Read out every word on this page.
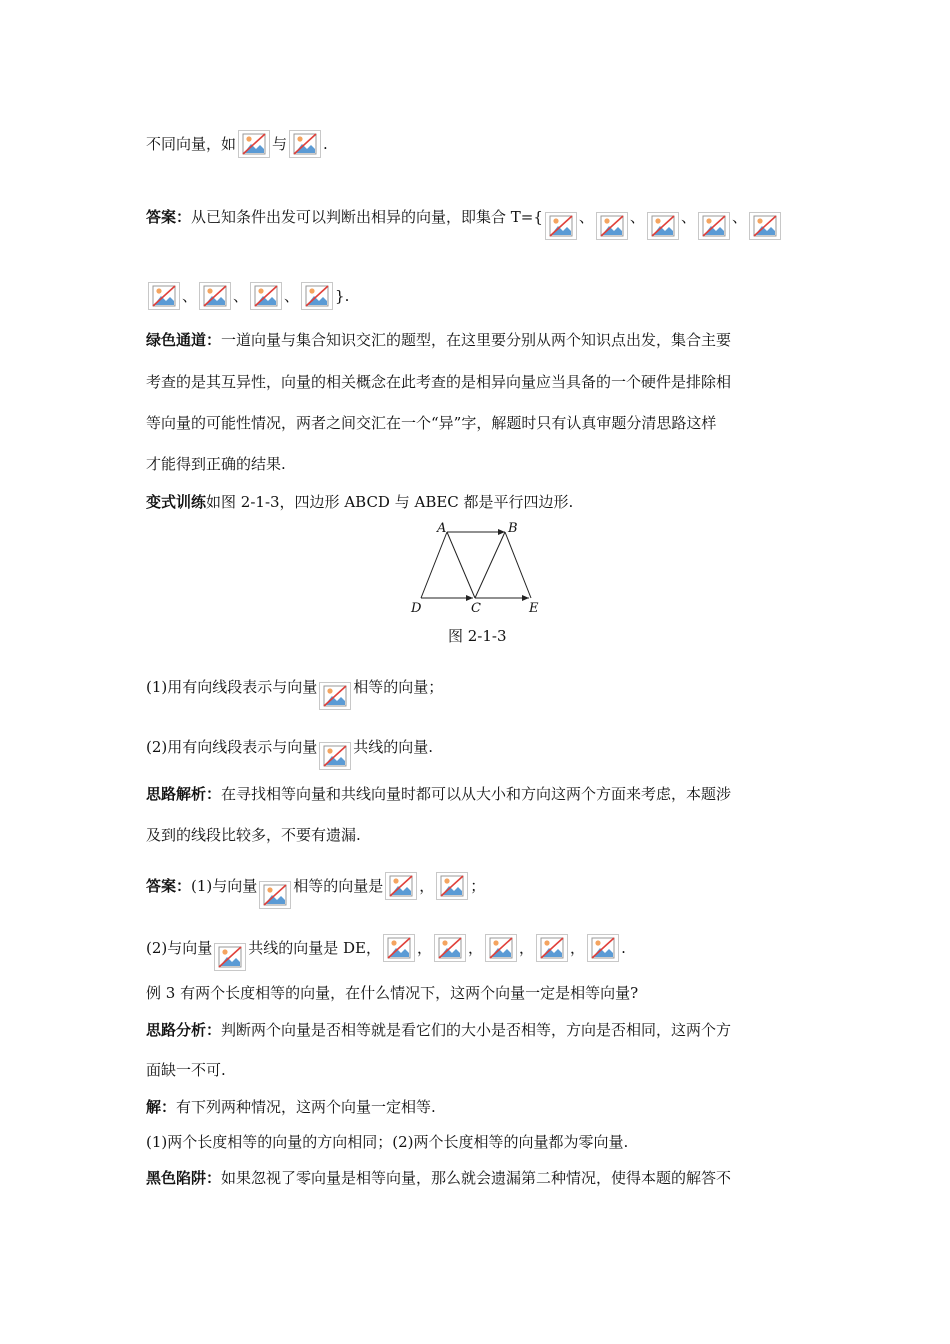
不同向量，如 与 .
答案： 从已知条件出发可以判断出相异的向量，即集合 T={ 、 、 、 、
、 、 、 }.
绿色通道： 一道向量与集合知识交汇的题型，在这里要分别从两个知识点出发，集合主要
考查的是其互异性，向量的相关概念在此考查的是相异向量应当具备的一个硬件是排除相
等向量的可能性情况，两者之间交汇在一个“异”字，解题时只有认真审题分清思路这样
才能得到正确的结果.
变式训练 如图 2-1-3，四边形 ABCD 与 ABEC 都是平行四边形.
A	B
D	C	E
图 2-1-3
(1)用有向线段表示与向量 相等的向量；
(2)用有向线段表示与向量 共线的向量.
思路解析： 在寻找相等向量和共线向量时都可以从大小和方向这两个方面来考虑，本题涉
及到的线段比较多，不要有遗漏.
答案： (1)与向量 相等的向量是 ， ；
(2)与向量 共线的向量是 DE， ， ， ， ， .
例 3 有两个长度相等的向量，在什么情况下，这两个向量一定是相等向量?
思路分析： 判断两个向量是否相等就是看它们的大小是否相等，方向是否相同，这两个方
面缺一不可.
解： 有下列两种情况，这两个向量一定相等.
(1)两个长度相等的向量的方向相同；(2)两个长度相等的向量都为零向量.
黑色陷阱： 如果忽视了零向量是相等向量，那么就会遗漏第二种情况，使得本题的解答不
